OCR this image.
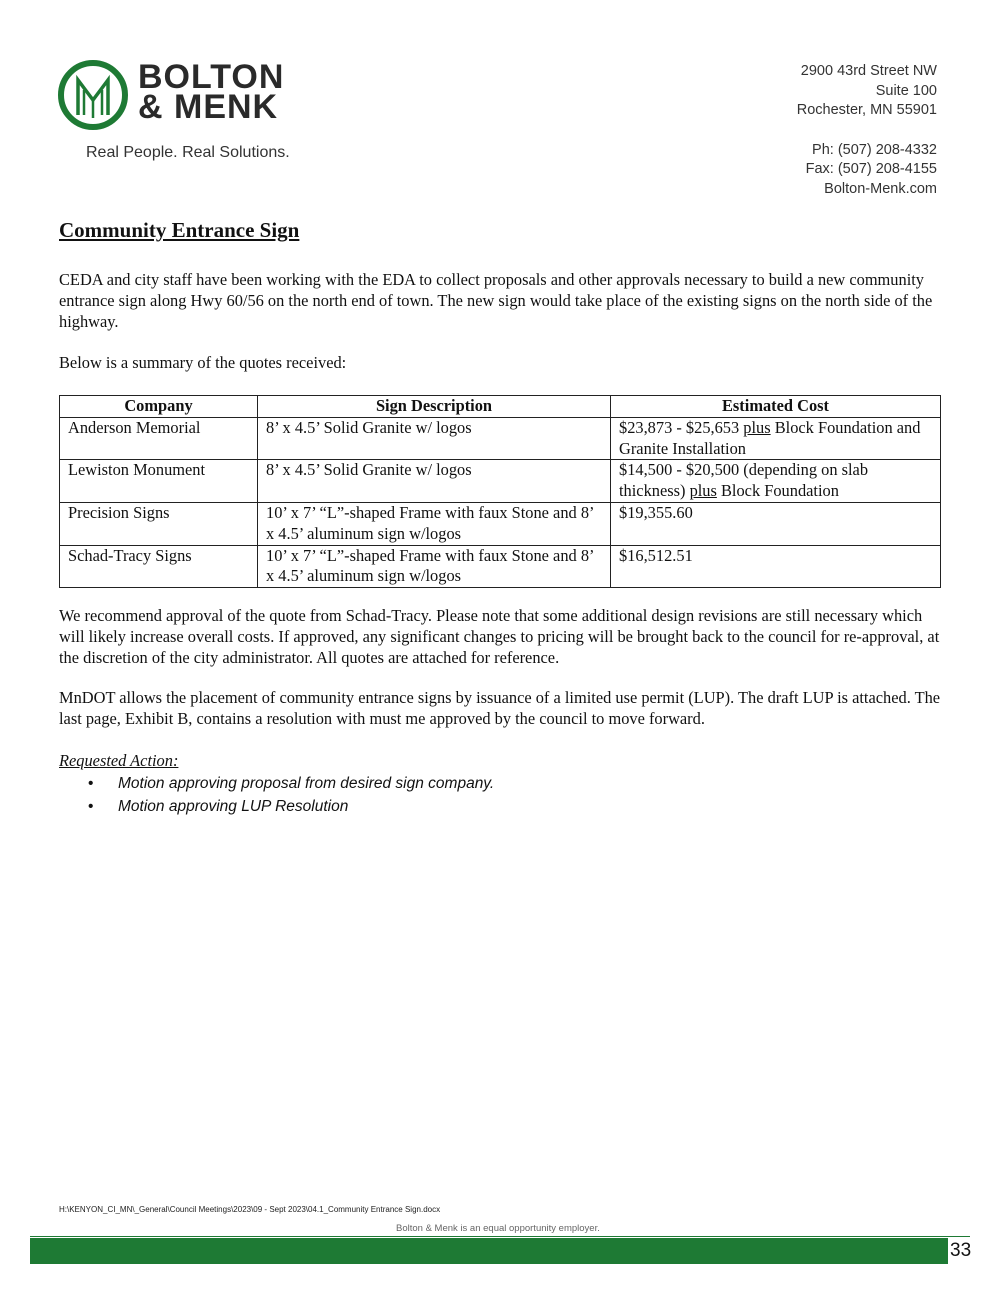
BOLTON
& MENK
Real People. Real Solutions.
2900 43rd Street NW
Suite 100
Rochester, MN 55901
Ph: (507) 208-4332
Fax: (507) 208-4155
Bolton-Menk.com
Community Entrance Sign

CEDA and city staff have been working with the EDA to collect proposals and other approvals necessary to build a new community entrance sign along Hwy 60/56 on the north end of town. The new sign would take place of the existing signs on the north side of the highway.

Below is a summary of the quotes received:

Company	Sign Description	Estimated Cost
Anderson Memorial	8’ x 4.5’ Solid Granite w/ logos	$23,873 - $25,653 plus Block Foundation and Granite Installation
Lewiston Monument	8’ x 4.5’ Solid Granite w/ logos	$14,500 - $20,500 (depending on slab thickness) plus Block Foundation
Precision Signs	10’ x 7’ “L”-shaped Frame with faux Stone and 8’ x 4.5’ aluminum sign w/logos	$19,355.60
Schad-Tracy Signs	10’ x 7’ “L”-shaped Frame with faux Stone and 8’ x 4.5’ aluminum sign w/logos	$16,512.51

We recommend approval of the quote from Schad-Tracy. Please note that some additional design revisions are still necessary which will likely increase overall costs. If approved, any significant changes to pricing will be brought back to the council for re-approval, at the discretion of the city administrator. All quotes are attached for reference.

MnDOT allows the placement of community entrance signs by issuance of a limited use permit (LUP). The draft LUP is attached. The last page, Exhibit B, contains a resolution with must me approved by the council to move forward.

Requested Action:
• Motion approving proposal from desired sign company.
• Motion approving LUP Resolution
H:\KENYON_CI_MN\_General\Council Meetings\2023\09 - Sept 2023\04.1_Community Entrance Sign.docx
Bolton & Menk is an equal opportunity employer.
33
